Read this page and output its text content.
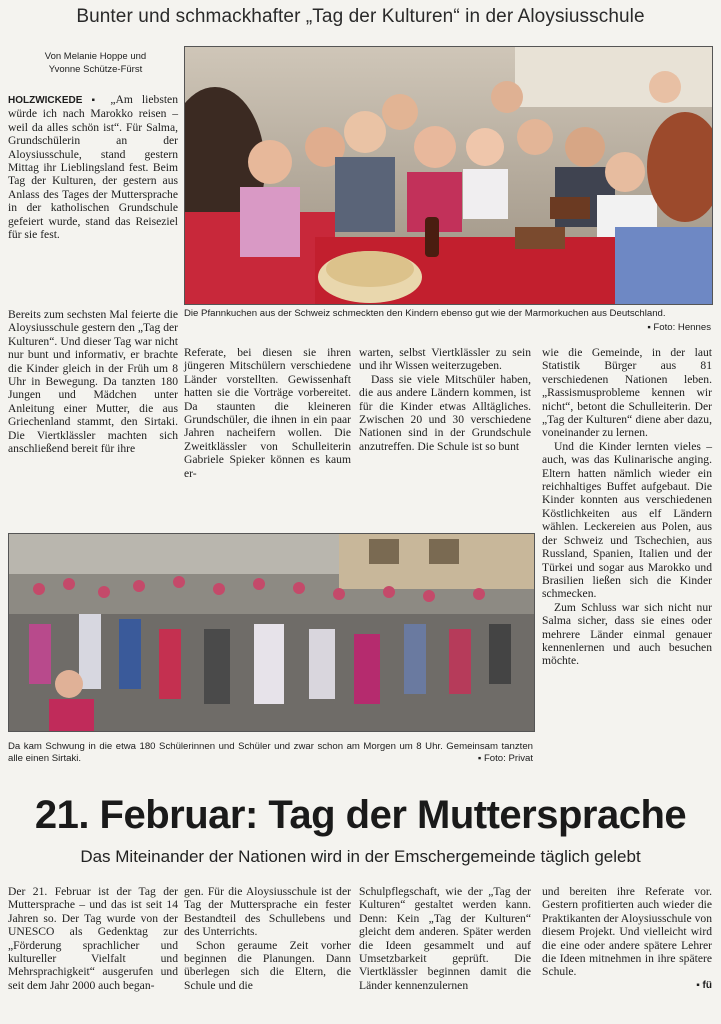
Bunter und schmackhafter „Tag der Kulturen“ in der Aloysiusschule
Von Melanie Hoppe und
Yvonne Schütze-Fürst

HOLZWICKEDE ▪ „Am liebsten würde ich nach Marokko reisen – weil da alles schön ist“. Für Salma, Grundschülerin an der Aloysiusschule, stand gestern Mittag ihr Lieblingsland fest. Beim Tag der Kulturen, der gestern aus Anlass des Tages der Muttersprache in der katholischen Grundschule gefeiert wurde, stand das Reiseziel für sie fest.

Die Pfannkuchen aus der Schweiz schmeckten den Kindern ebenso gut wie der Marmorkuchen aus Deutschland.
▪ Foto: Hennes

Bereits zum sechsten Mal feierte die Aloysiusschule gestern den „Tag der Kulturen“. Und dieser Tag war nicht nur bunt und informativ, er brachte die Kinder gleich in der Früh um 8 Uhr in Bewegung. Da tanzten 180 Jungen und Mädchen unter Anleitung einer Mutter, die aus Griechenland stammt, den Sirtaki. Die Viertklässler machten sich anschließend bereit für ihre

Referate, bei diesen sie ihren jüngeren Mitschülern verschiedene Länder vorstellten. Gewissenhaft hatten sie die Vorträge vorbereitet. Da staunten die kleineren Grundschüler, die ihnen in ein paar Jahren nacheifern wollen. Die Zweitklässler von Schulleiterin Gabriele Spieker können es kaum er-

warten, selbst Viertklässler zu sein und ihr Wissen weiterzugeben.

Dass sie viele Mitschüler haben, die aus andere Ländern kommen, ist für die Kinder etwas Alltägliches. Zwischen 20 und 30 verschiedene Nationen sind in der Grundschule anzutreffen. Die Schule ist so bunt

wie die Gemeinde, in der laut Statistik Bürger aus 81 verschiedenen Nationen leben. „Rassismusprobleme kennen wir nicht“, betont die Schulleiterin. Der „Tag der Kulturen“ diene aber dazu, voneinander zu lernen.

Und die Kinder lernten vieles – auch, was das Kulinarische anging. Eltern hatten nämlich wieder ein reichhaltiges Buffet aufgebaut. Die Kinder konnten aus verschiedenen Köstlichkeiten aus elf Ländern wählen. Leckereien aus Polen, aus der Schweiz und Tschechien, aus Russland, Spanien, Italien und der Türkei und sogar aus Marokko und Brasilien ließen sich die Kinder schmecken.

Zum Schluss war sich nicht nur Salma sicher, dass sie eines oder mehrere Länder einmal genauer kennenlernen und auch besuchen möchte.

Da kam Schwung in die etwa 180 Schülerinnen und Schüler und zwar schon am Morgen um 8 Uhr. Gemeinsam tanzten alle einen Sirtaki.	▪ Foto: Privat
21. Februar: Tag der Muttersprache
Das Miteinander der Nationen wird in der Emschergemeinde täglich gelebt

Der 21. Februar ist der Tag der Muttersprache – und das ist seit 14 Jahren so. Der Tag wurde von der UNESCO als Gedenktag zur „Förderung sprachlicher und kultureller Vielfalt und Mehrsprachigkeit“ ausgerufen und seit dem Jahr 2000 auch began-

gen. Für die Aloysiusschule ist der Tag der Muttersprache ein fester Bestandteil des Schullebens und des Unterrichts.

Schon geraume Zeit vorher beginnen die Planungen. Dann überlegen sich die Eltern, die Schule und die

Schulpflegschaft, wie der „Tag der Kulturen“ gestaltet werden kann. Denn: Kein „Tag der Kulturen“ gleicht dem anderen. Später werden die Ideen gesammelt und auf Umsetzbarkeit geprüft. Die Viertklässler beginnen damit die Länder kennenzulernen

und bereiten ihre Referate vor. Gestern profitierten auch wieder die Praktikanten der Aloysiusschule von diesem Projekt. Und vielleicht wird die eine oder andere spätere Lehrer die Ideen mitnehmen in ihre spätere Schule.

▪ fü
